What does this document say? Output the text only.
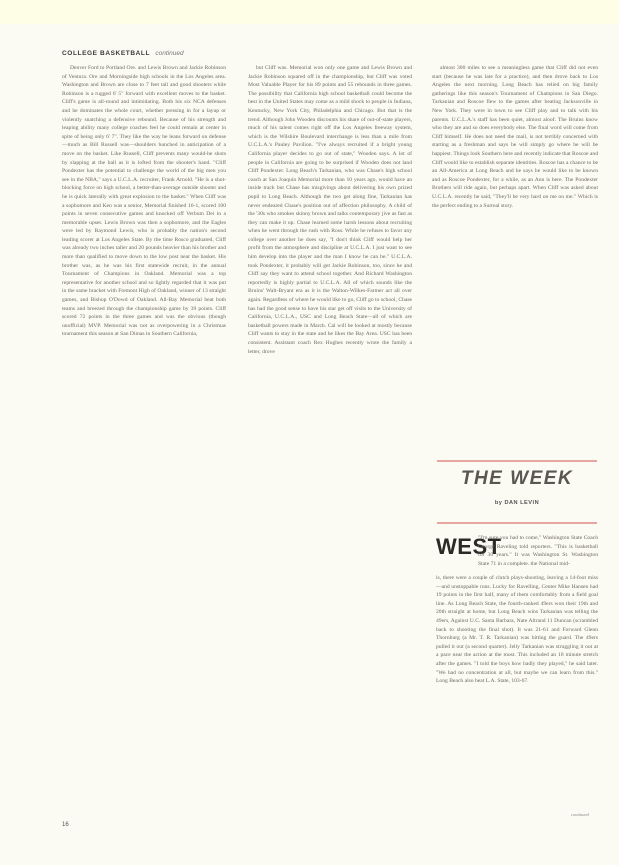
COLLEGE BASKETBALL continued

Denver Ford to Portland Ore. and Lewis Brown and Jackie Robinson of Ventura. Ore and Morningside high schools in the Los Angeles area. Washington and Brown are close to 7 feet tall and good shooters while Robinson is a rugged 6' 5" forward with excellent moves to the basket. Cliff's game is all-round and intimidating. Both his six NCA defenses and he dominates the whole court, whether pressing in for a layup or violently snatching a defensive rebound. Because of his strength and leaping ability many college coaches feel he could remain at center in spite of being only 6' 7". They like the way he leans forward on defense—much as Bill Russell was—shoulders hunched in anticipation of a move on the basket. Like Russell, Cliff prevents many would-be shots by slapping at the ball as it is lofted from the shooter's hand. "Cliff Pondexter has the potential to challenge the world of the big men you see in the NBA," says a U.C.L.A. recruiter, Frank Arnold. "He is a shot-blocking force on high school, a better-than-average outside shooter and he is quick laterally with great explosion to the basket." When Cliff was a sophomore and Ken was a senior, Memorial finished 16-1, scored 100 points in seven consecutive games and knocked off Verbum Dei in a memorable upset. Lewis Brown was then a sophomore, and the Eagles were led by Raymond Lewis, who is probably the nation's second leading scorer at Los Angeles State. By the time Rosco graduated, Cliff was already two inches taller and 20 pounds heavier than his brother and more than qualified to move down to the low post near the basket. His brother was, as he was his first statewide recruit, in the annual Tournament of Champions in Oakland. Memorial was a top representative for another school and so lightly regarded that it was put in the same bracket with Fremont High of Oakland, winner of 13 straight games, and Bishop O'Dowd of Oakland. All-Bay Memorial beat both teams and breezed through the championship game by 39 points. Cliff scored 72 points in the three games and was the obvious (though unofficial) MVP. Memorial was not as overpowering in a Christmas tournament this season at San Dimas in Southern California,

but Cliff was. Memorial won only one game and Lewis Brown and Jackie Robinson squared off in the championship, but Cliff was voted Most Valuable Player for his 89 points and 55 rebounds in three games. The possibility that California high school basketball could become the best in the United States may come as a mild shock to people in Indiana, Kentucky, New York City, Philadelphia and Chicago. But that is the trend. Although John Wooden discounts his share of out-of-state players, much of his talent comes right off the Los Angeles freeway system, which is the Wilshire Boulevard interchange is less than a mile from U.C.L.A.'s Pauley Pavilion. "I've always recruited if a bright young California player decides to go out of state," Wooden says. A lot of people in California are going to be surprised if Wooden does not land Cliff Pondexter. Long Beach's Tarkanian, who was Chase's high school coach at San Joaquin Memorial more than 10 years ago, would have an inside track but Chase has misgivings about delivering his own prized pupil to Long Beach. Although the two get along fine, Tarkanian has never endeared Chase's position out of affection philosophy. A child of the '30s who smokes skinny brown and talks contemporary jive as fast as they can make it up. Chase learned some harsh lessons about recruiting when he went through the rush with Ross. While he refuses to favor any college over another he does say, "I don't think Cliff would help her profit from the atmosphere and discipline at U.C.L.A. I just want to see him develop into the player and the man I know he can be." U.C.L.A. took Pondexter, it probably will get Jackie Robinson, too, since he and Cliff say they want to attend school together. And Richard Washington reportedly is highly partial to U.C.L.A. All of which sounds like the Bruins' Walt-Bryant era as it is the Walton-Wilkes-Farmer act all over again. Regardless of where he would like to go, Cliff go to school, Chase has had the good sense to have his star get off visits to the University of California, U.C.L.A., USC and Long Beach State—all of which are basketball powers made in March. Cal will be looked at mostly because Cliff wants to stay in the state and he likes the Bay Area. USC has been consistent. Assistant coach Rex Hughes recently wrote the family a letter, drove

almost 300 miles to see a meaningless game that Cliff did not even start (because he was late for a practice), and then drove back to Los Angeles the next morning. Long Beach has relied on big family gatherings like this season's Tournament of Champions in San Diego. Tarkanian and Roscoe flew to the games after beating Jacksonville in New York. They were in town to see Cliff play and to talk with his parents. U.C.L.A.'s staff has been quiet, almost aloof. The Bruins know who they are and so does everybody else. The final word will come from Cliff himself. He does not need the mail, is not terribly concerned with starting as a freshman and says he will simply go where he will be happiest. Things look Southern here and recently indicate that Roscoe and Cliff would like to establish separate identities. Roscoe has a chance to be an All-America at Long Beach and he says he would like to be known and as Roscoe Pondexter, for a while, as an Ann is here. The Pondexter Brothers will ride again, but perhaps apart. When Cliff was asked about U.C.L.A. recently he said, "They'll be very hard on me on me." Which is the perfect ending to a Surreal story.

THE WEEK
by DAN LEVIN
WEST

"I'm sure you had to come," Washington State Coach George Raveling told reporters. "This is basketball for 30 years." It was Washington St. Washington State 71 in a complete. the National mid-

is, there were a couple of clutch plays-shooting, leaving a 14-foot miss—and unstoppable runs. Lucky for Ravelling, Center Mike Hansen had 19 points in the first half, many of them comfortably from a field goal line. As Long Beach State, the fourth-ranked 49ers won their 19th and 20th straight at home, but Long Beach wins Tarkanian was telling the 49ers, Against U.C. Santa Barbara, Nate Altrand 11 Duncan (scrambled back to shooting the final shot). It was 21-61 and Forward Glenn Thornburg (a Mr. T. R. Tarkanian) was hitting the guard. The 49ers pulled it out (a second quarter). Jelly Tarkanian was struggling it out at a pace near the action at the most. This included an 18 minute stretch after the games. "I told the boys how badly they played," he said later. "We had no concentration at all, but maybe we can learn from this." Long Beach also beat L.A. State, 103-67.

continued
16
